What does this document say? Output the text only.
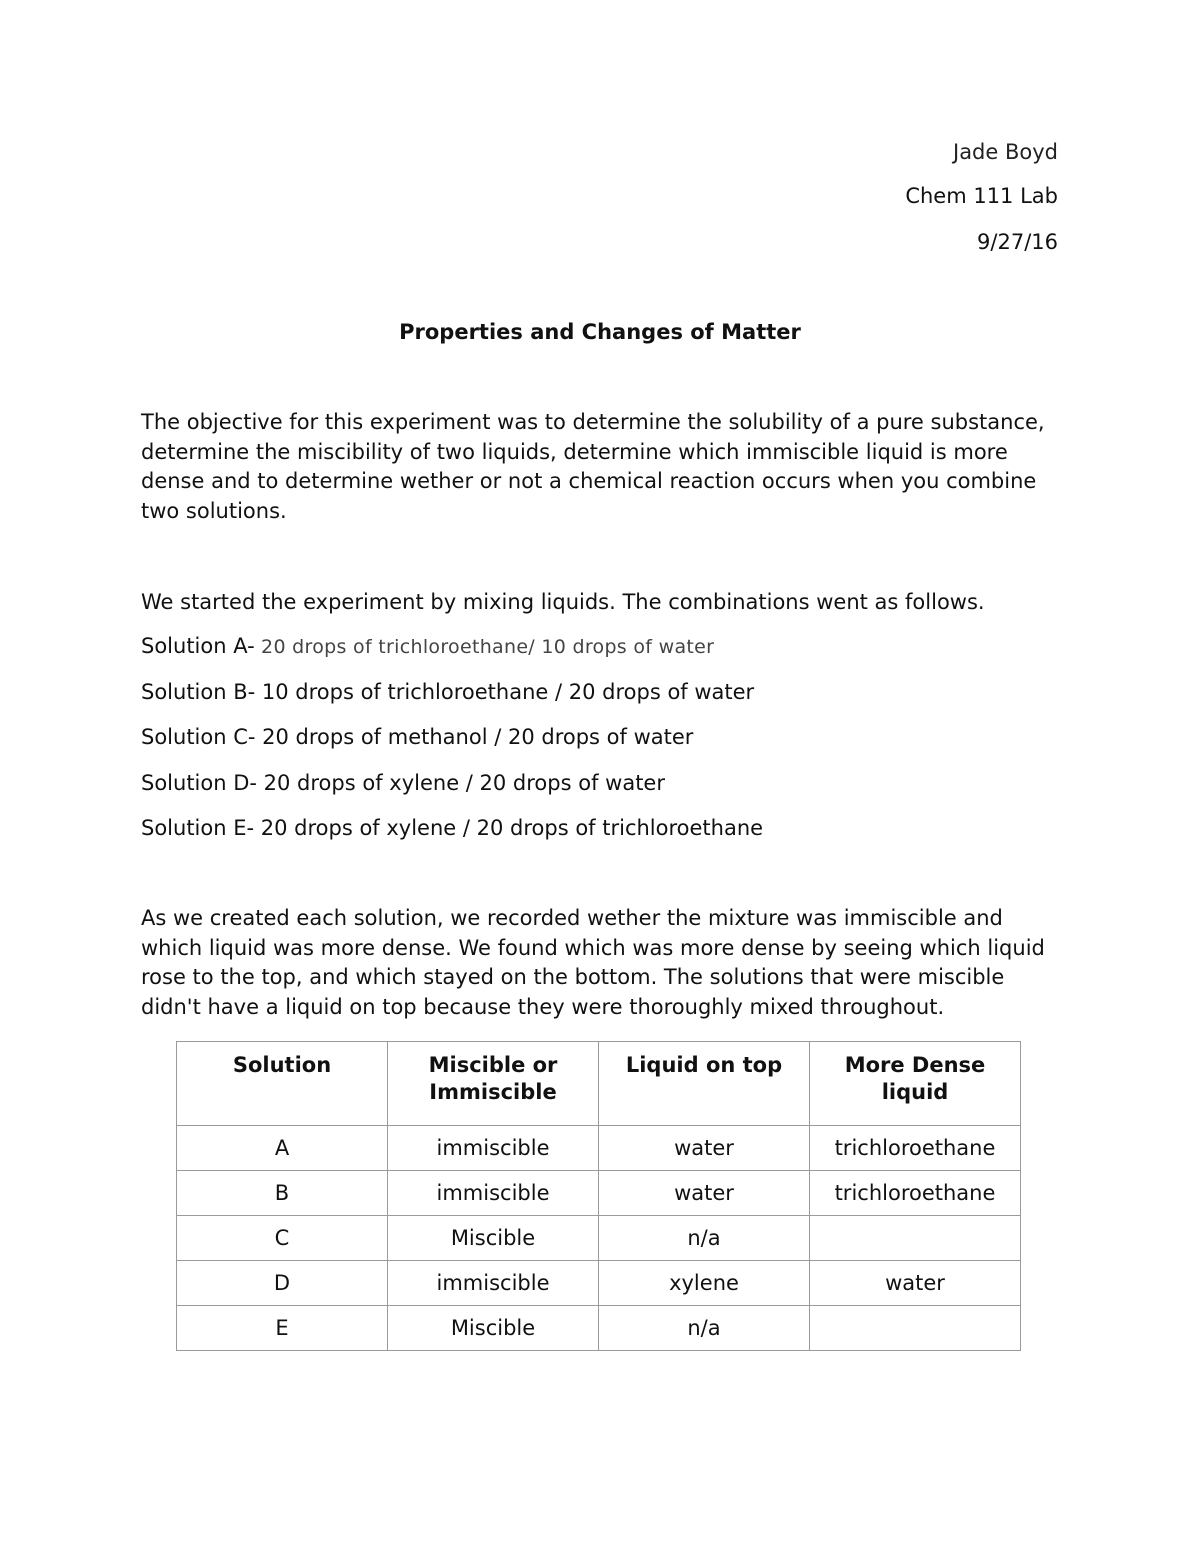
Jade Boyd
Chem 111 Lab
9/27/16
Properties and Changes of Matter
The objective for this experiment was to determine the solubility of a pure substance, determine the miscibility of two liquids, determine which immiscible liquid is more dense and to determine wether or not a chemical reaction occurs when you combine two solutions.
We started the experiment by mixing liquids. The combinations went as follows.
Solution A- 20 drops of trichloroethane/ 10 drops of water
Solution B- 10 drops of trichloroethane / 20 drops of water
Solution C- 20 drops of methanol / 20 drops of water
Solution D- 20 drops of xylene / 20 drops of water
Solution E- 20 drops of xylene / 20 drops of trichloroethane
As we created each solution, we recorded wether the mixture was immiscible and which liquid was more dense. We found which was more dense by seeing which liquid rose to the top, and which stayed on the bottom. The solutions that were miscible didn't have a liquid on top because they were thoroughly mixed throughout.
Solution	Miscible or Immiscible	Liquid on top	More Dense liquid
A	immiscible	water	trichloroethane
B	immiscible	water	trichloroethane
C	Miscible	n/a	
D	immiscible	xylene	water
E	Miscible	n/a	
